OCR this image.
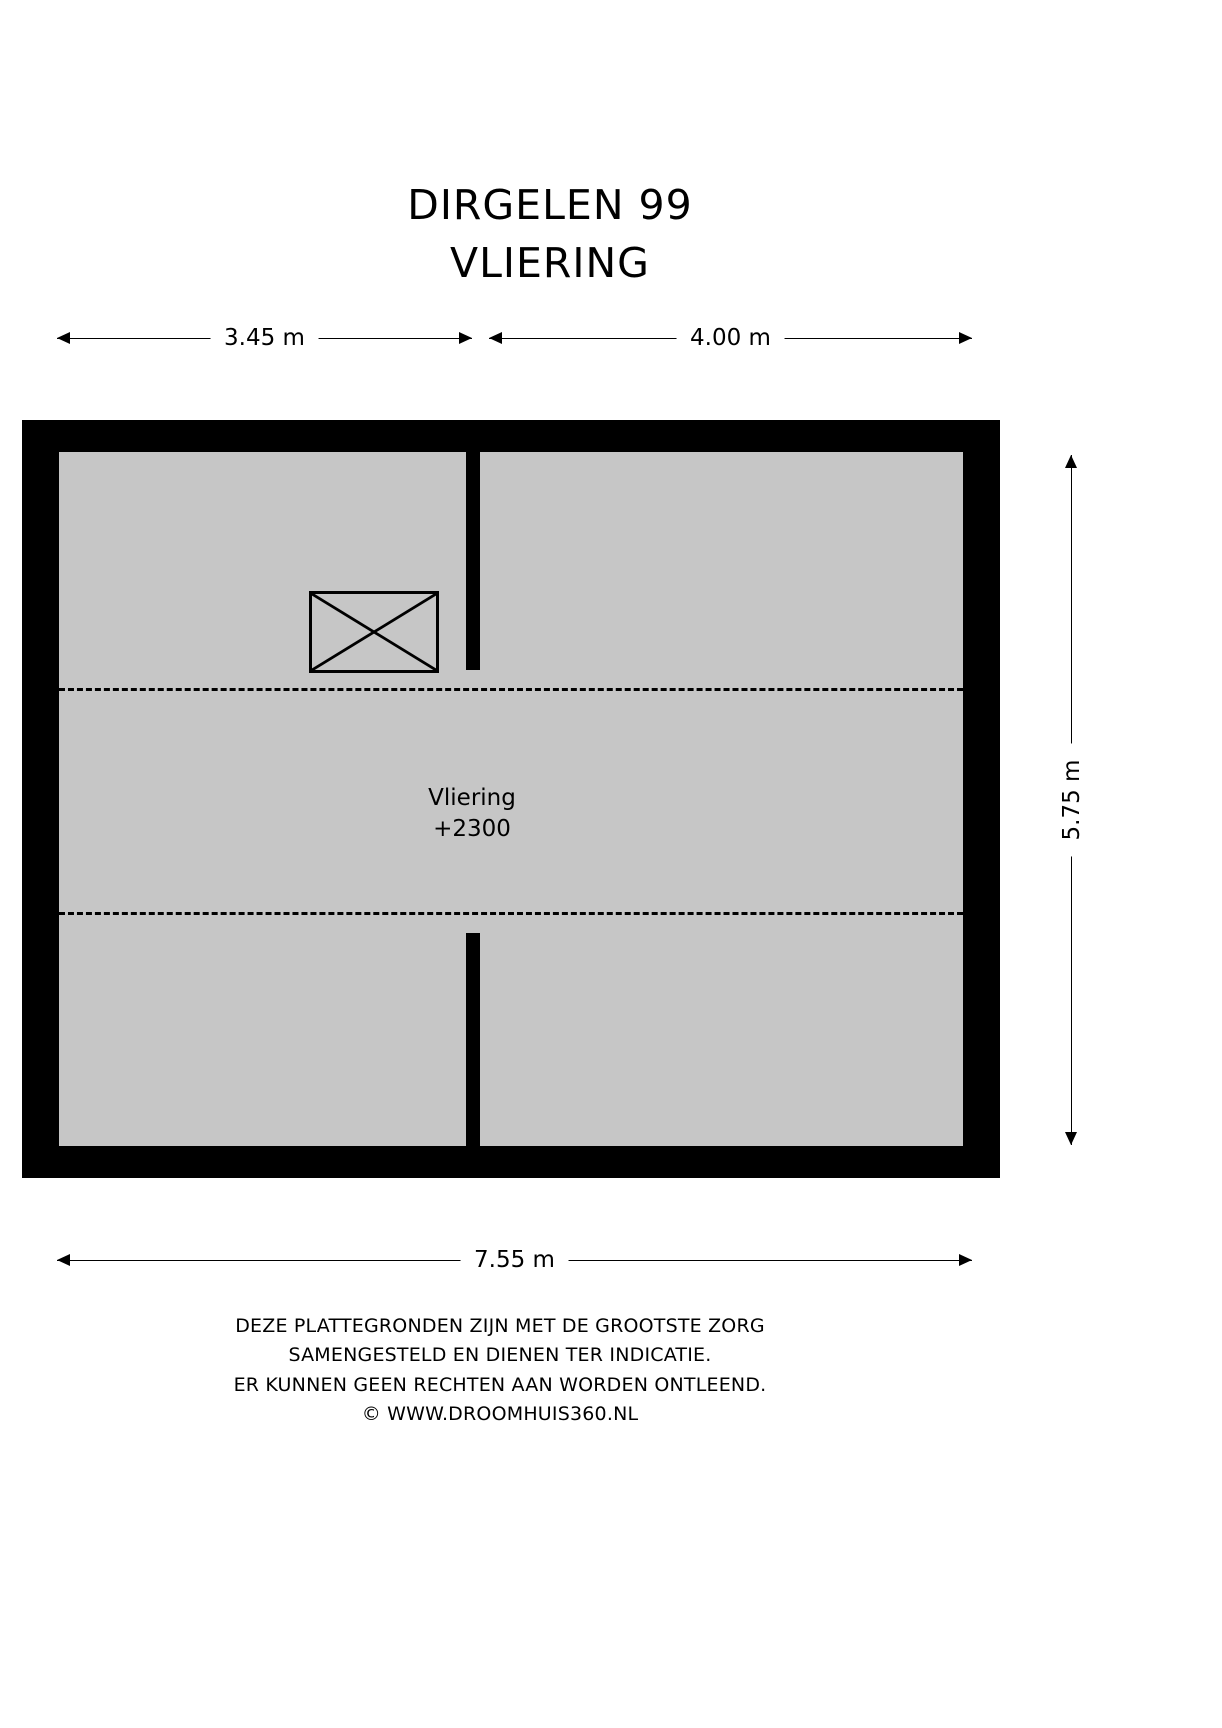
DIRGELEN 99
VLIERING
3.45 m	4.00 m
Vliering
+2300	5.75 m
7.55 m
DEZE PLATTEGRONDEN ZIJN MET DE GROOTSTE ZORG
SAMENGESTELD EN DIENEN TER INDICATIE.
ER KUNNEN GEEN RECHTEN AAN WORDEN ONTLEEND.
© WWW.DROOMHUIS360.NL
